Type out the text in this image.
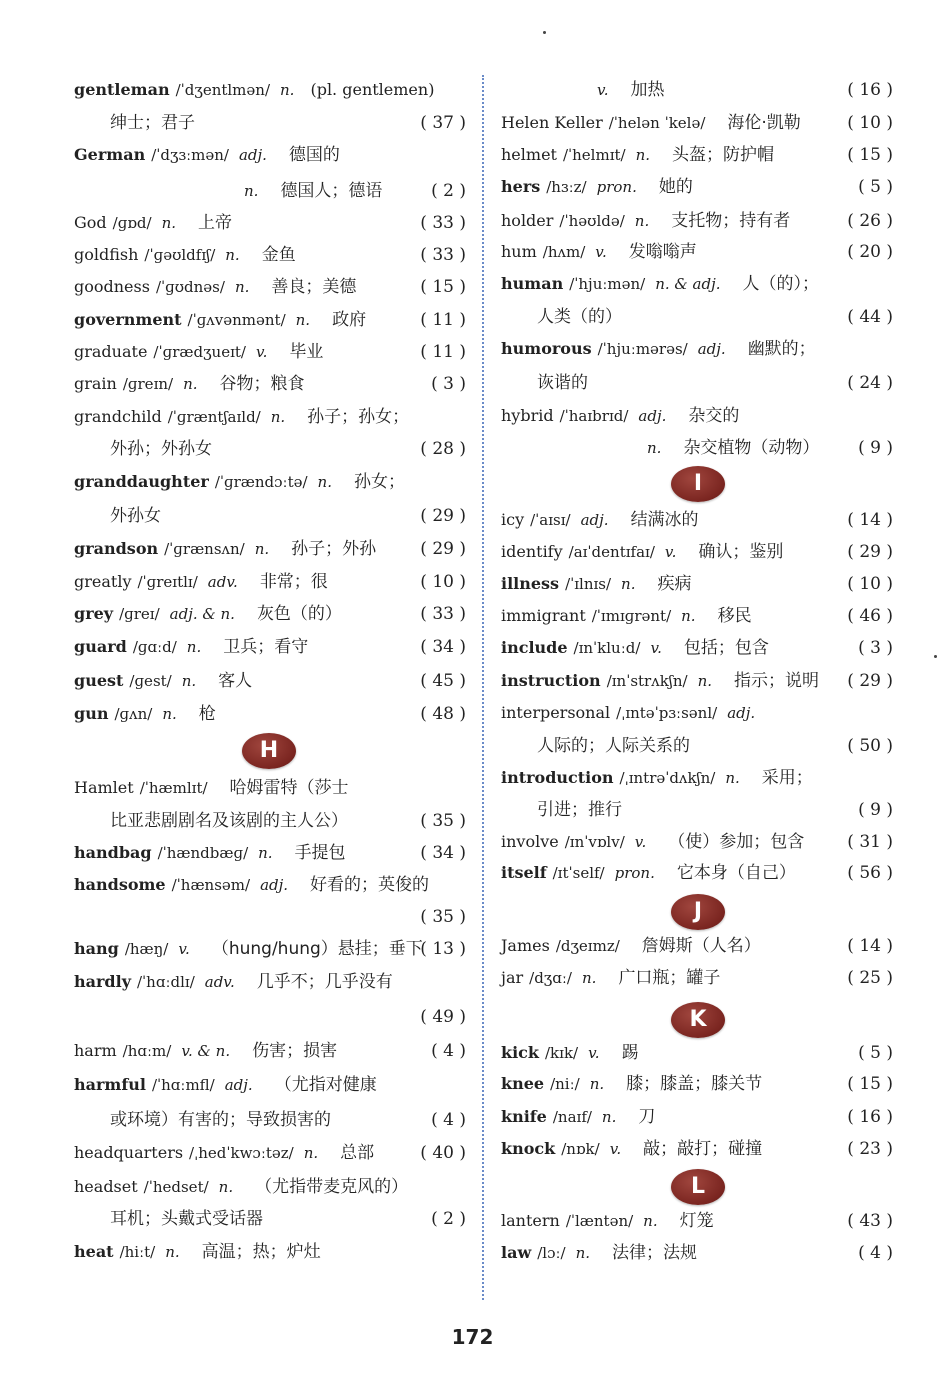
gentleman /ˈdʒentlmən/ n. (pl. gentlemen)
绅士；君子	( 37 )
German /ˈdʒɜːmən/ adj. 德国的
n. 德国人；德语	( 2 )
God /ɡɒd/ n. 上帝	( 33 )
goldfish /ˈɡəʊldfɪʃ/ n. 金鱼	( 33 )
goodness /ˈɡʊdnəs/ n. 善良；美德	( 15 )
government /ˈɡʌvənmənt/ n. 政府	( 11 )
graduate /ˈɡrædʒueɪt/ v. 毕业	( 11 )
grain /ɡreɪn/ n. 谷物；粮食	( 3 )
grandchild /ˈɡræntʃaɪld/ n. 孙子；孙女；
外孙；外孙女	( 28 )
granddaughter /ˈɡrændɔːtə/ n. 孙女；
外孙女	( 29 )
grandson /ˈɡrænsʌn/ n. 孙子；外孙	( 29 )
greatly /ˈɡreɪtlɪ/ adv. 非常；很	( 10 )
grey /ɡreɪ/ adj. & n. 灰色（的）	( 33 )
guard /ɡɑːd/ n. 卫兵；看守	( 34 )
guest /ɡest/ n. 客人	( 45 )
gun /ɡʌn/ n. 枪	( 48 )
H
Hamlet /ˈhæmlɪt/ 哈姆雷特（莎士
比亚悲剧剧名及该剧的主人公）	( 35 )
handbag /ˈhændbæɡ/ n. 手提包	( 34 )
handsome /ˈhænsəm/ adj. 好看的；英俊的
( 35 )
hang /hæŋ/ v. （hung/hung）悬挂；垂下
( 13 )
hardly /ˈhɑːdlɪ/ adv. 几乎不；几乎没有
( 49 )
harm /hɑːm/ v. & n. 伤害；损害	( 4 )
harmful /ˈhɑːmfl/ adj. （尤指对健康
或环境）有害的；导致损害的	( 4 )
headquarters /ˌhedˈkwɔːtəz/ n. 总部	( 40 )
headset /ˈhedset/ n. （尤指带麦克风的）
耳机；头戴式受话器	( 2 )
heat /hiːt/ n. 高温；热；炉灶
v. 加热	( 16 )
Helen Keller /ˈhelən ˈkelə/ 海伦·凯勒	( 10 )
helmet /ˈhelmɪt/ n. 头盔；防护帽	( 15 )
hers /hɜːz/ pron. 她的	( 5 )
holder /ˈhəʊldə/ n. 支托物；持有者	( 26 )
hum /hʌm/ v. 发嗡嗡声	( 20 )
human /ˈhjuːmən/ n. & adj. 人（的）；
人类（的）	( 44 )
humorous /ˈhjuːmərəs/ adj. 幽默的；
诙谐的	( 24 )
hybrid /ˈhaɪbrɪd/ adj. 杂交的
n. 杂交植物（动物） ( 9 )
I
icy /ˈaɪsɪ/ adj. 结满冰的	( 14 )
identify /aɪˈdentɪfaɪ/ v. 确认；鉴别	( 29 )
illness /ˈɪlnɪs/ n. 疾病	( 10 )
immigrant /ˈɪmɪɡrənt/ n. 移民	( 46 )
include /ɪnˈkluːd/ v. 包括；包含	( 3 )
instruction /ɪnˈstrʌkʃn/ n. 指示；说明 ( 29 )
interpersonal /ˌɪntəˈpɜːsənl/ adj.
人际的；人际关系的	( 50 )
introduction /ˌɪntrəˈdʌkʃn/ n. 采用；
引进；推行	( 9 )
involve /ɪnˈvɒlv/ v. （使）参加；包含	( 31 )
itself /ɪtˈself/ pron. 它本身（自己）	( 56 )
J
James /dʒeɪmz/ 詹姆斯（人名）	( 14 )
jar /dʒɑː/ n. 广口瓶；罐子	( 25 )
K
kick /kɪk/ v. 踢	( 5 )
knee /niː/ n. 膝；膝盖；膝关节	( 15 )
knife /naɪf/ n. 刀	( 16 )
knock /nɒk/ v. 敲；敲打；碰撞	( 23 )
L
lantern /ˈlæntən/ n. 灯笼	( 43 )
law /lɔː/ n. 法律；法规	( 4 )
172
